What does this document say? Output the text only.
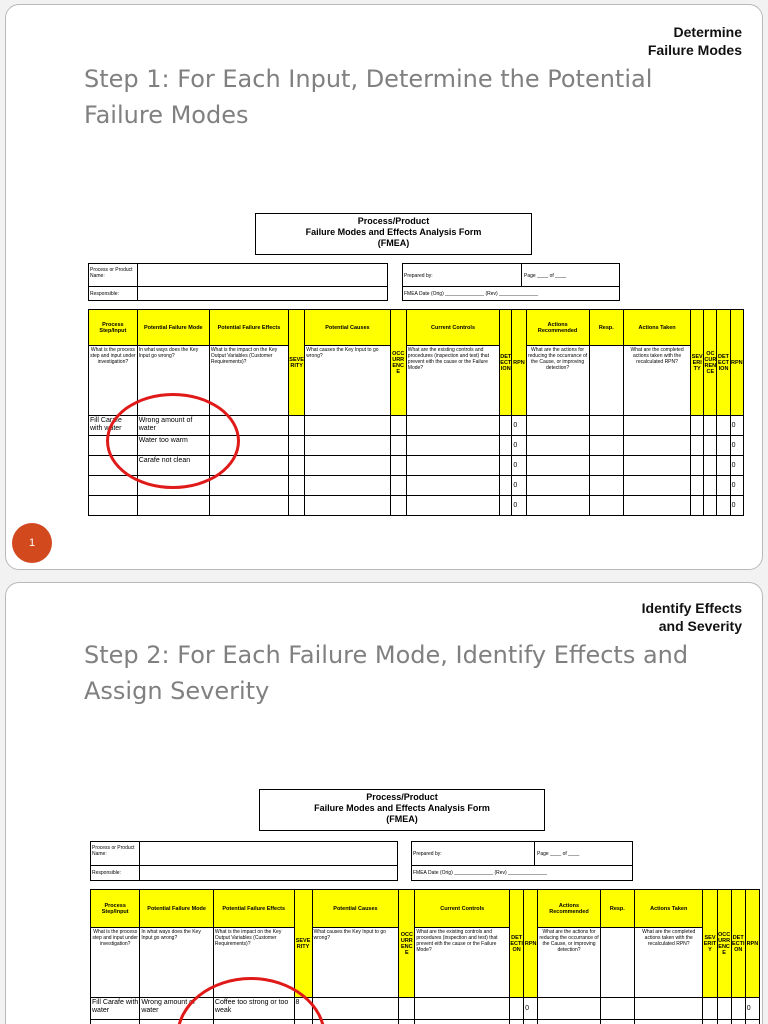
Determine
Failure Modes
Step 1: For Each Input, Determine the Potential
Failure Modes
Process/Product
Failure Modes and Effects Analysis Form
(FMEA)
Process or Product Name:
Responsible:
Prepared by:	Page ____ of ____
FMEA Date (Orig) ______________ (Rev) ______________
Process Step/Input	Potential Failure Mode	Potential Failure Effects	SEVERITY	Potential Causes	OCCURRENCE	Current Controls	DETECTION	RPN	Actions Recommended	Resp.	Actions Taken	SEVERITY	OCCURRENCE	DETECTION	RPN
What is the process step and input under investigation?	In what ways does the Key Input go wrong?	What is the impact on the Key Output Variables (Customer Requirements)?		What causes the Key Input to go wrong?		What are the existing controls and procedures (inspection and test) that prevent eith the cause or the Failure Mode?			What are the actions for reducing the occurrance of the Cause, or improving detection?		What are the completed actions taken with the recalculated RPN?				
Fill Carafe with water	Wrong amount of water							0							0
	Water too warm							0							0
	Carafe not clean							0							0
								0							0
								0							0
1
Identify Effects
and Severity
Step 2: For Each Failure Mode, Identify Effects and
Assign Severity
Process/Product
Failure Modes and Effects Analysis Form
(FMEA)
Process or Product Name:
Responsible:
Prepared by:	Page ____ of ____
FMEA Date (Orig) ______________ (Rev) ______________
Process Step/Input	Potential Failure Mode	Potential Failure Effects	SEVERITY	Potential Causes	OCCURRENCE	Current Controls	DETECTION	RPN	Actions Recommended	Resp.	Actions Taken	SEVERITY	OCCURRENCE	DETECTION	RPN
What is the process step and input under investigation?	In what ways does the Key Input go wrong?	What is the impact on the Key Output Variables (Customer Requirements)?		What causes the Key Input to go wrong?		What are the existing controls and procedures (inspection and test) that prevent eith the cause or the Failure Mode?			What are the actions for reducing the occurrance of the Cause, or improving detection?		What are the completed actions taken with the recalculated RPN?				
Fill Carafe with water	Wrong amount of water	Coffee too strong or too weak	8					0							0
